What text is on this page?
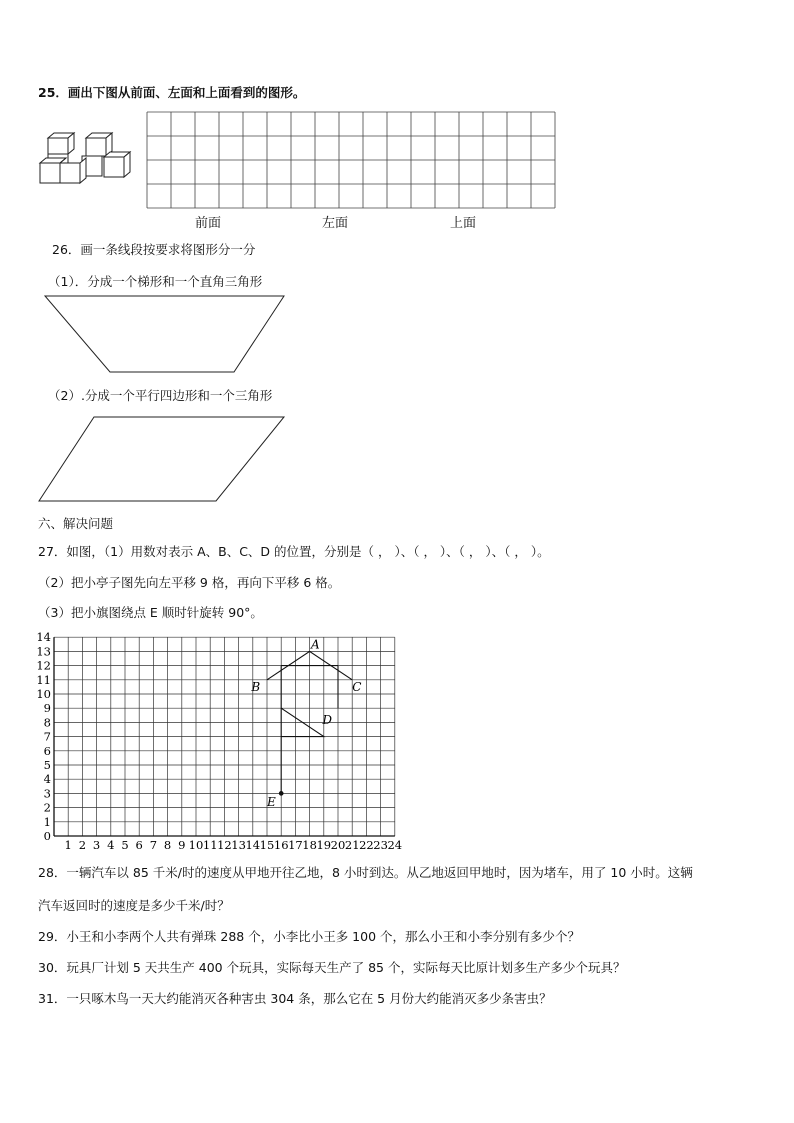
25．画出下图从前面、左面和上面看到的图形。
前面	左面	上面
26．画一条线段按要求将图形分一分
（1）．分成一个梯形和一个直角三角形
（2）.分成一个平行四边形和一个三角形
六、解决问题
27．如图，（1）用数对表示 A、B、C、D 的位置，分别是（ ， ）、（ ， ）、（ ， ）、（ ， ）。
（2）把小亭子图先向左平移 9 格，再向下平移 6 格。
（3）把小旗图绕点 E 顺时针旋转 90°。
0
1
2
3
4
5
6
7
8
9
10
11
12
13
14
1 2 3 4 5 6 7 8 9 10 11 12 13 14 15 16 17 18 19 20 21 22 23 24
A
B	C
D
E
28．一辆汽车以 85 千米/时的速度从甲地开往乙地，8 小时到达。从乙地返回甲地时，因为堵车，用了 10 小时。这辆
汽车返回时的速度是多少千米/时？
29．小王和小李两个人共有弹珠 288 个，小李比小王多 100 个，那么小王和小李分别有多少个？
30．玩具厂计划 5 天共生产 400 个玩具，实际每天生产了 85 个，实际每天比原计划多生产多少个玩具？
31．一只啄木鸟一天大约能消灭各种害虫 304 条，那么它在 5 月份大约能消灭多少条害虫？
